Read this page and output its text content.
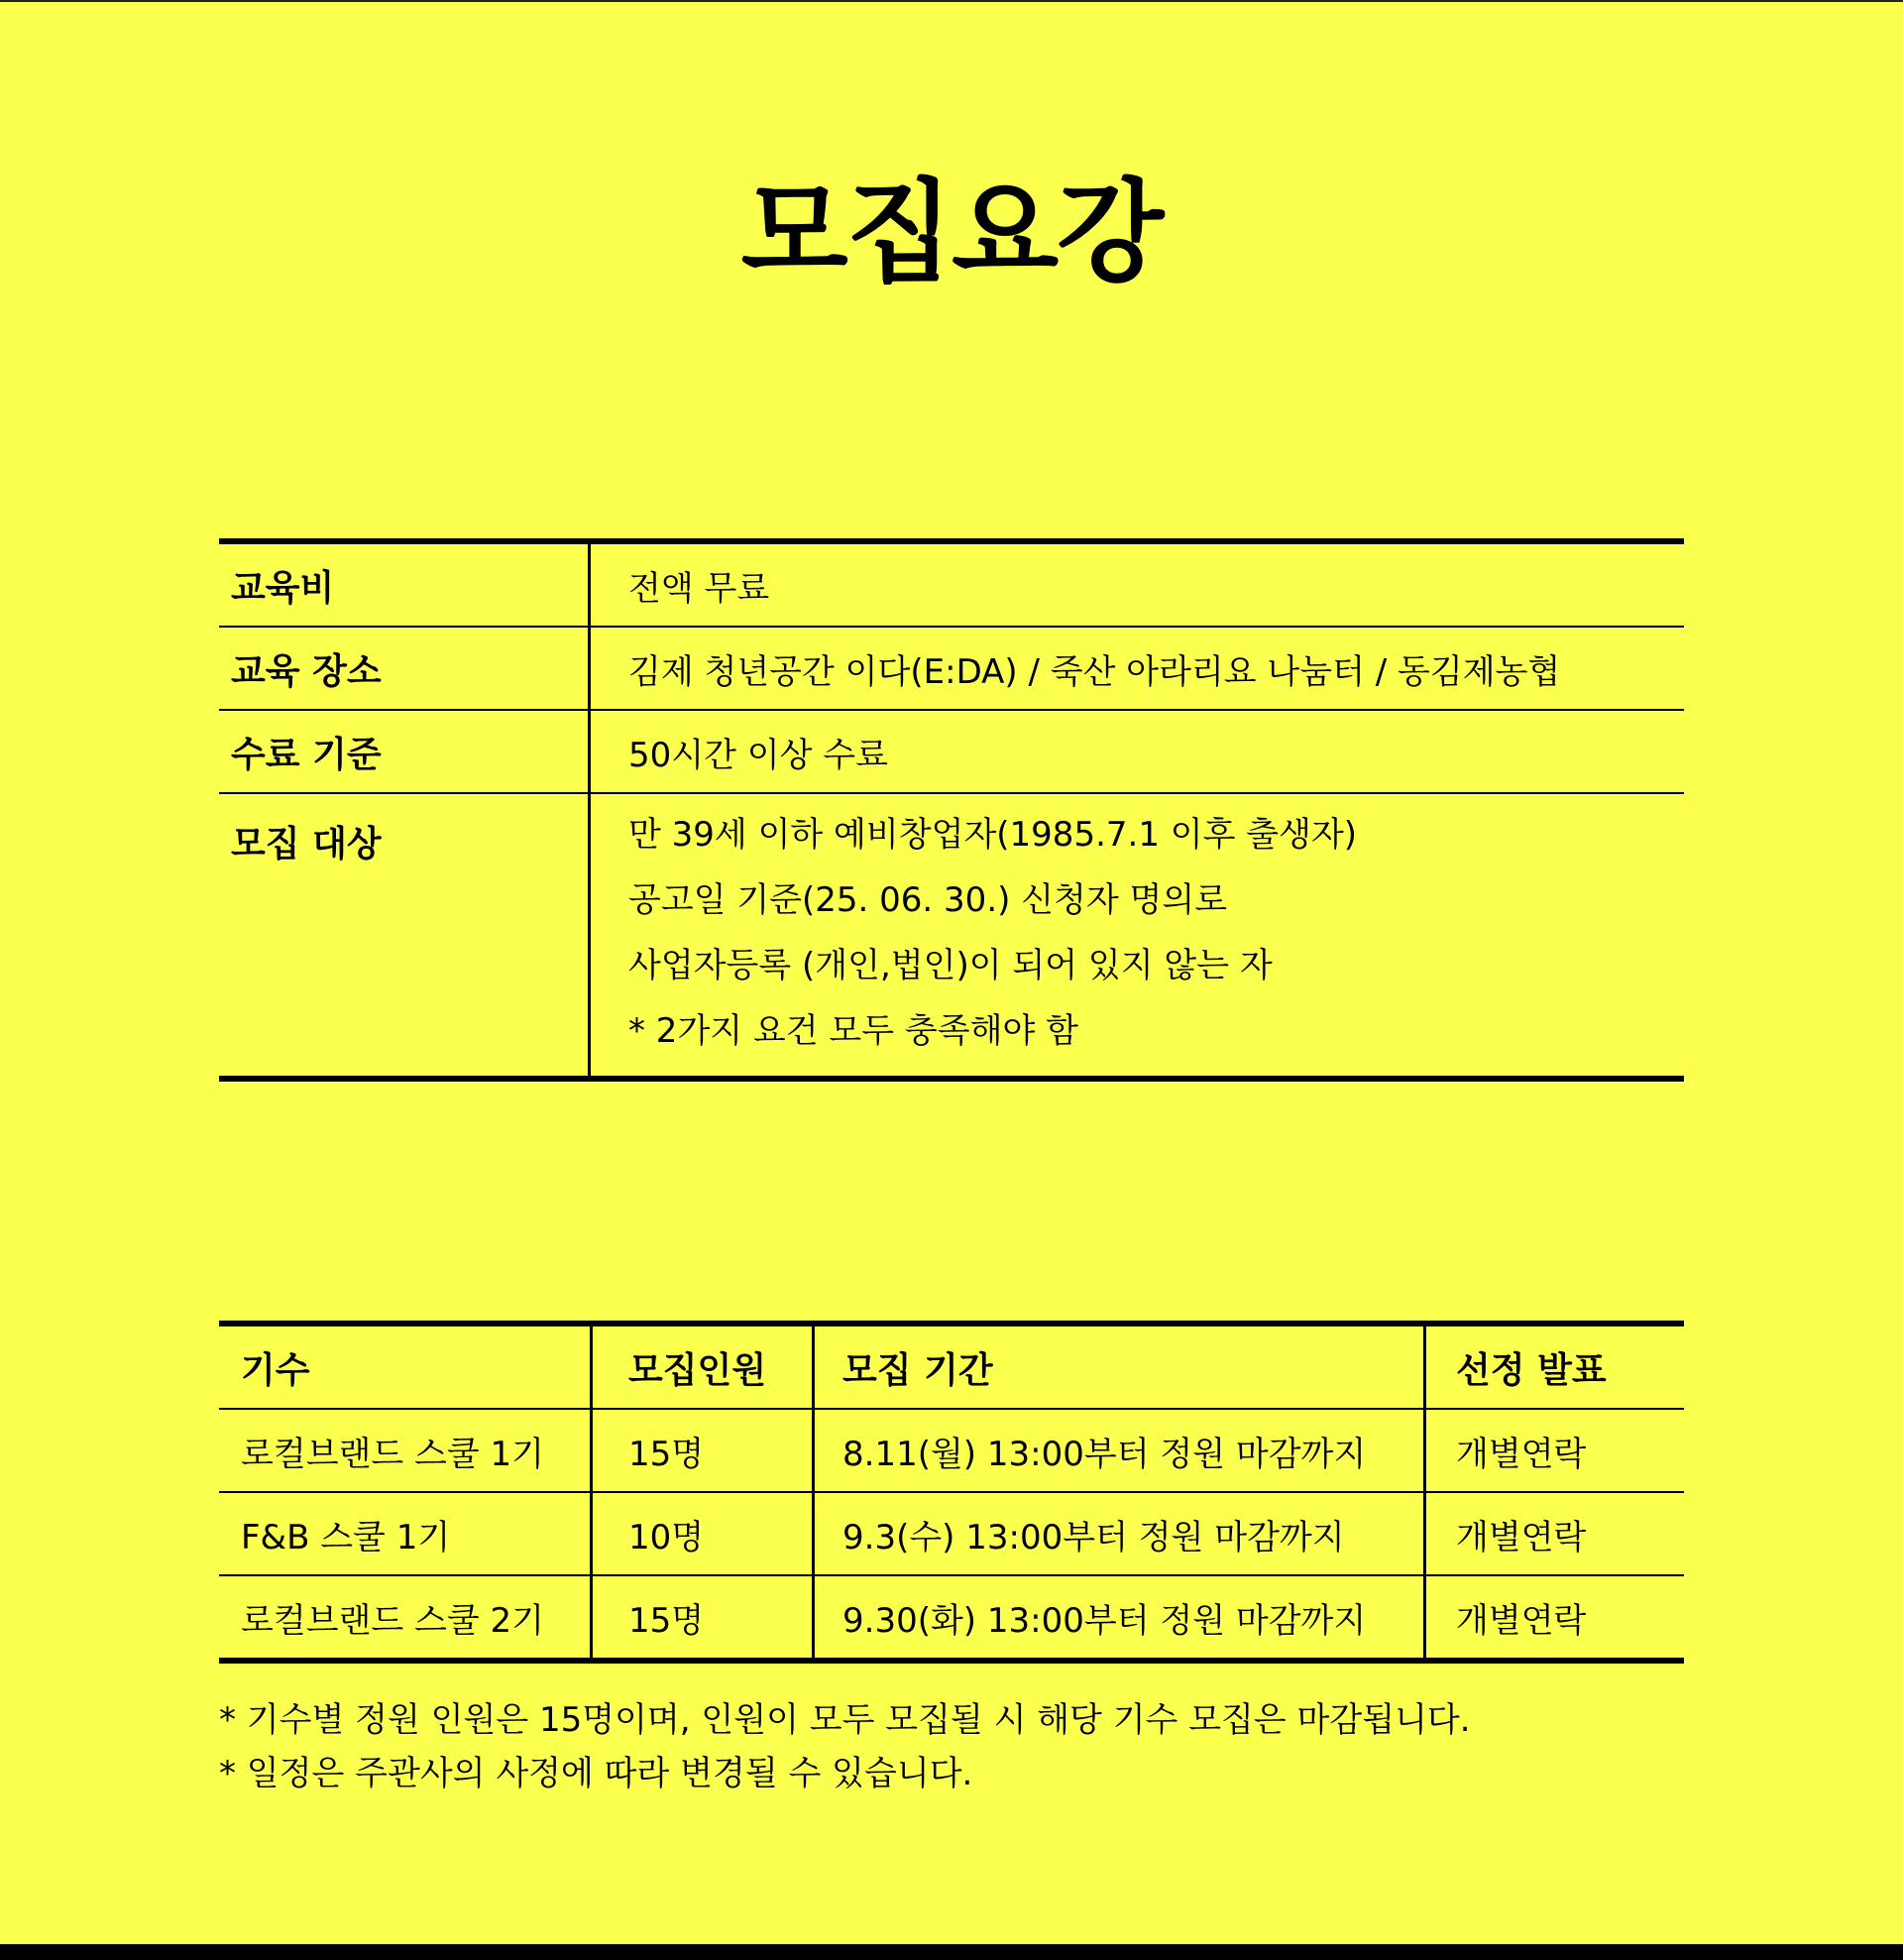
모집요강
교육비	전액 무료
교육 장소	김제 청년공간 이다(E:DA) / 죽산 아라리요 나눔터 / 동김제농협
수료 기준	50시간 이상 수료
모집 대상	만 39세 이하 예비창업자(1985.7.1 이후 출생자)
공고일 기준(25. 06. 30.) 신청자 명의로
사업자등록 (개인,법인)이 되어 있지 않는 자
* 2가지 요건 모두 충족해야 함
기수	모집인원	모집 기간	선정 발표
로컬브랜드 스쿨 1기	15명	8.11(월) 13:00부터 정원 마감까지	개별연락
F&B 스쿨 1기	10명	9.3(수) 13:00부터 정원 마감까지	개별연락
로컬브랜드 스쿨 2기	15명	9.30(화) 13:00부터 정원 마감까지	개별연락
* 기수별 정원 인원은 15명이며, 인원이 모두 모집될 시 해당 기수 모집은 마감됩니다.
* 일정은 주관사의 사정에 따라 변경될 수 있습니다.
